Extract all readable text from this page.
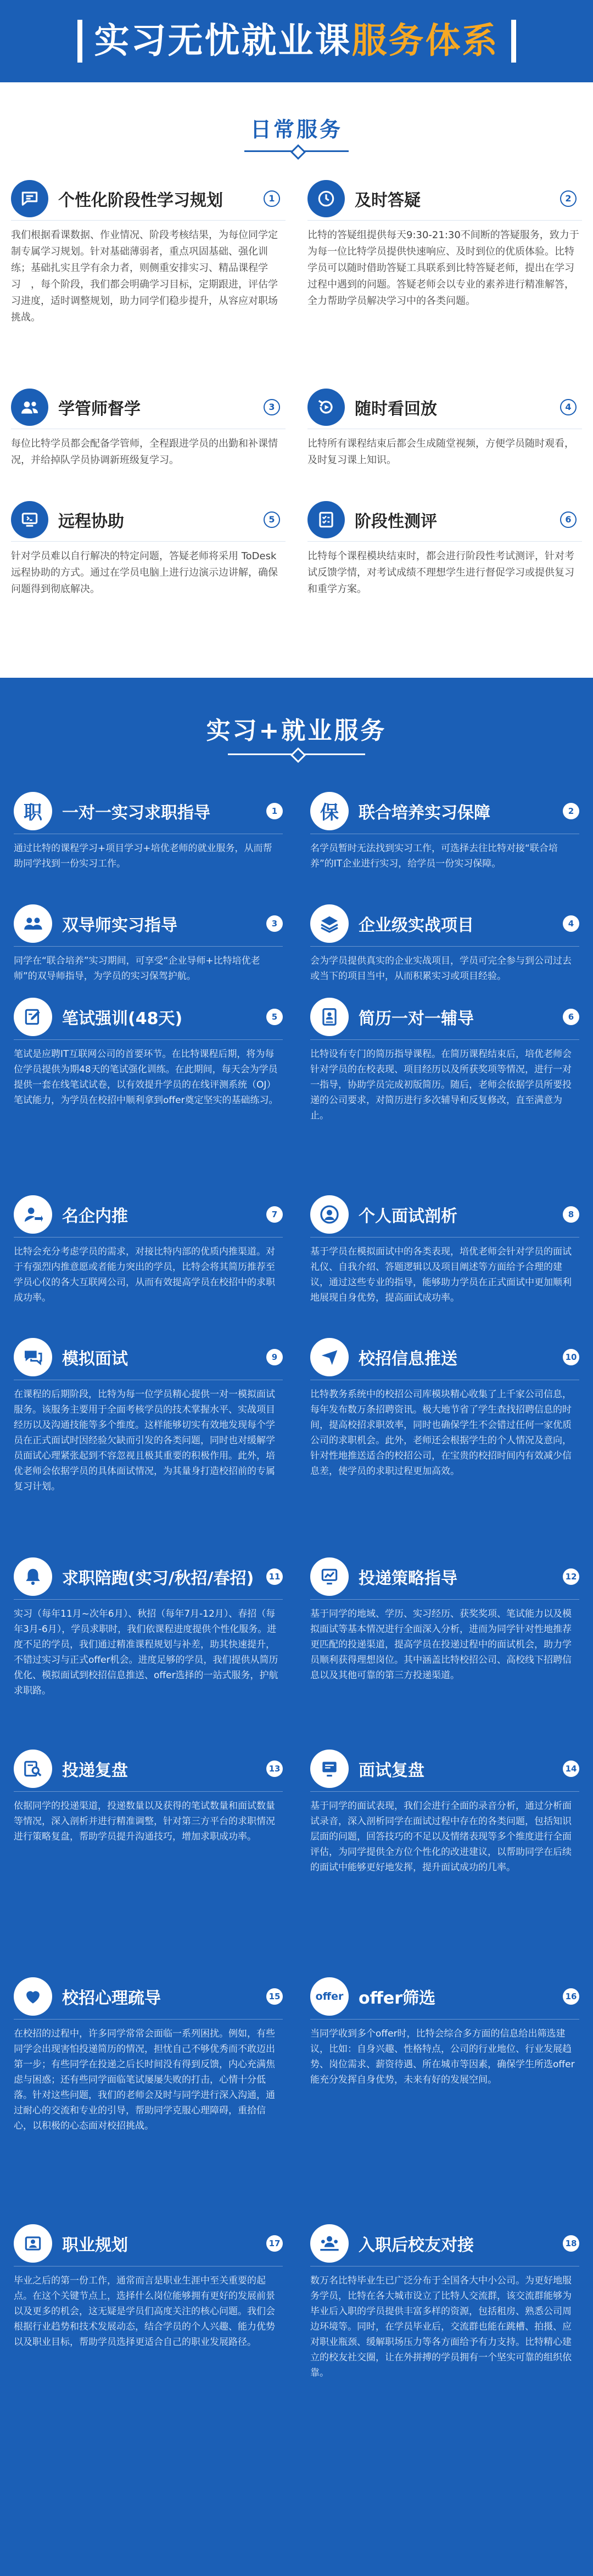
实习无忧就业课服务体系
日常服务
个性化阶段性学习规划	1

我们根据看课数据、作业情况、阶段考核结果，为每位同学定制专属学习规划。针对基础薄弱者，重点巩固基础、强化训练；基础扎实且学有余力者，则侧重安排实习、精品课程学习　，每个阶段，我们都会明确学习目标，定期跟进，评估学习进度，适时调整规划，助力同学们稳步提升，从容应对职场挑战。

及时答疑	2

比特的答疑组提供每天9:30-21:30不间断的答疑服务，致力于为每一位比特学员提供快速响应、及时到位的优质体验。比特学员可以随时借助答疑工具联系到比特答疑老师，提出在学习过程中遇到的问题。答疑老师会以专业的素养进行精准解答，全力帮助学员解决学习中的各类问题。

学管师督学	3

每位比特学员都会配备学管师，全程跟进学员的出勤和补课情况，并给掉队学员协调新班级复学习。

随时看回放	4

比特所有课程结束后都会生成随堂视频，方便学员随时观看，及时复习课上知识。

远程协助	5

针对学员难以自行解决的特定问题，答疑老师将采用 ToDesk 远程协助的方式。通过在学员电脑上进行边演示边讲解，确保问题得到彻底解决。

阶段性测评	6

比特每个课程模块结束时，都会进行阶段性考试测评，针对考试反馈学情，对考试成绩不理想学生进行督促学习或提供复习和重学方案。

实习+就业服务
职	一对一实习求职指导	1

通过比特的课程学习+项目学习+培优老师的就业服务，从而帮助同学找到一份实习工作。

保	联合培养实习保障	2

名学员暂时无法找到实习工作，可选择去往比特对接“联合培养”的IT企业进行实习，给学员一份实习保障。

双导师实习指导	3

同学在“联合培养”实习期间，可享受“企业导师+比特培优老师”的双导师指导，为学员的实习保驾护航。

企业级实战项目	4

会为学员提供真实的企业实战项目，学员可完全参与到公司过去或当下的项目当中，从而积累实习或项目经验。

笔试强训(48天)	5

笔试是应聘IT互联网公司的首要环节。在比特课程后期，将为每位学员提供为期48天的笔试强化训练。在此期间，每天会为学员提供一套在线笔试试卷，以有效提升学员的在线评测系统（OJ）笔试能力，为学员在校招中顺利拿到offer奠定坚实的基础练习。

简历一对一辅导	6

比特设有专门的简历指导课程。在简历课程结束后，培优老师会针对学员的在校表现、项目经历以及所获奖项等情况，进行一对一指导，协助学员完成初版简历。随后，老师会依据学员所要投递的公司要求，对简历进行多次辅导和反复修改，直至满意为止。

名企内推	7

比特会充分考虑学员的需求，对接比特内部的优质内推渠道。对于有强烈内推意愿或者能力突出的学员，比特会将其简历推荐至学员心仪的各大互联网公司，从而有效提高学员在校招中的求职成功率。

个人面试剖析	8

基于学员在模拟面试中的各类表现，培优老师会针对学员的面试礼仪、自我介绍、答题逻辑以及项目阐述等方面给予合理的建议，通过这些专业的指导，能够助力学员在正式面试中更加顺利地展现自身优势，提高面试成功率。

模拟面试	9

在课程的后期阶段，比特为每一位学员精心提供一对一模拟面试服务。该服务主要用于全面考核学员的技术掌握水平、实战项目经历以及沟通技能等多个维度。这样能够切实有效地发现每个学员在正式面试时因经验欠缺而引发的各类问题，同时也对缓解学员面试心理紧张起到不容忽视且极其重要的积极作用。此外，培优老师会依据学员的具体面试情况，为其量身打造校招前的专属复习计划。

校招信息推送	10

比特教务系统中的校招公司库模块精心收集了上千家公司信息，每年发布数万条招聘资讯。极大地节省了学生查找招聘信息的时间，提高校招求职效率，同时也确保学生不会错过任何一家优质公司的求职机会。此外，老师还会根据学生的个人情况及意向，针对性地推送适合的校招公司，在宝贵的校招时间内有效减少信息差，使学员的求职过程更加高效。

求职陪跑(实习/秋招/春招)	11

实习（每年11月~次年6月）、秋招（每年7月-12月）、春招（每年3月-6月），学员求职时，我们依课程进度提供个性化服务。进度不足的学员，我们通过精准课程规划与补差，助其快速提升，不错过实习与正式offer机会。进度足够的学员，我们提供从简历优化、模拟面试到校招信息推送、offer选择的一站式服务，护航求职路。

投递策略指导	12

基于同学的地域、学历、实习经历、获奖奖项、笔试能力以及模拟面试等基本情况进行全面深入分析，进而为同学针对性地推荐更匹配的投递渠道，提高学员在投递过程中的面试机会，助力学员顺利获得理想岗位。其中涵盖比特校招公司、高校线下招聘信息以及其他可靠的第三方投递渠道。

投递复盘	13

依据同学的投递渠道，投递数量以及获得的笔试数量和面试数量等情况，深入剖析并进行精准调整，针对第三方平台的求职情况进行策略复盘，帮助学员提升沟通技巧，增加求职成功率。

面试复盘	14

基于同学的面试表现，我们会进行全面的录音分析，通过分析面试录音，深入剖析同学在面试过程中存在的各类问题，包括知识层面的问题，回答技巧的不足以及情绪表现等多个维度进行全面评估，为同学提供全方位个性化的改进建议，以帮助同学在后续的面试中能够更好地发挥，提升面试成功的几率。

校招心理疏导	15

在校招的过程中，许多同学常常会面临一系列困扰。例如，有些同学会出现害怕投递简历的情况，担忧自己不够优秀而不敢迈出第一步；有些同学在投递之后长时间没有得到反馈，内心充满焦虑与困惑；还有些同学面临笔试屡屡失败的打击，心情十分低落。针对这些问题，我们的老师会及时与同学进行深入沟通，通过耐心的交流和专业的引导，帮助同学克服心理障碍，重拾信心，以积极的心态面对校招挑战。

offer offer筛选	16

当同学收到多个offer时，比特会综合多方面的信息给出筛选建议，比如：自身兴趣、性格特点，公司的行业地位、行业发展趋势、岗位需求、薪资待遇、所在城市等因素，确保学生所选offer能充分发挥自身优势，未来有好的发展空间。

职业规划	17

毕业之后的第一份工作，通常而言是职业生涯中至关重要的起点。在这个关键节点上，选择什么岗位能够拥有更好的发展前景以及更多的机会，这无疑是学员们高度关注的核心问题。我们会根据行业趋势和技术发展动态，结合学员的个人兴趣、能力优势以及职业目标，帮助学员选择更适合自己的职业发展路径。

入职后校友对接	18

数万名比特毕业生已广泛分布于全国各大中小公司。为更好地服务学员，比特在各大城市设立了比特人交流群，该交流群能够为毕业后入职的学员提供丰富多样的资源，包括租房、熟悉公司周边环境等。同时，在学员毕业后，交流群也能在跳槽、拍摄、应对职业瓶颈、缓解职场压力等各方面给予有力支持。比特精心建立的校友社交圈，让在外拼搏的学员拥有一个坚实可靠的组织依靠。
